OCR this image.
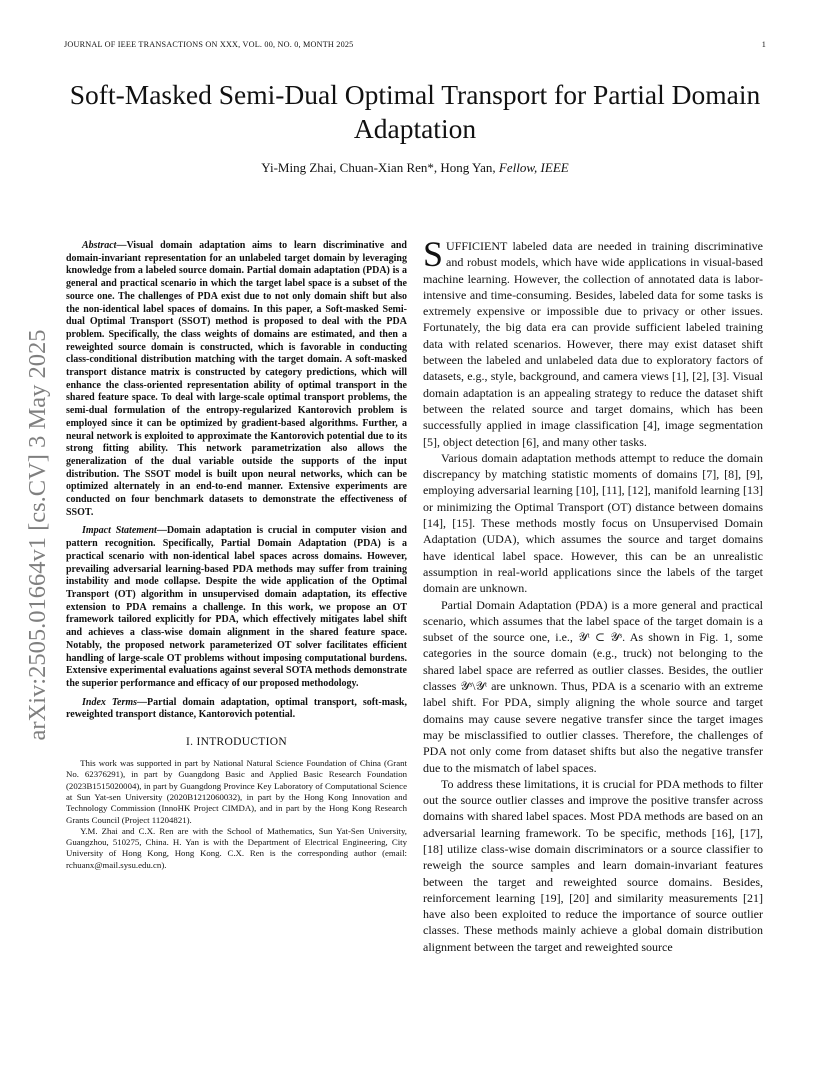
JOURNAL OF IEEE TRANSACTIONS ON XXX, VOL. 00, NO. 0, MONTH 2025	1
arXiv:2505.01664v1 [cs.CV] 3 May 2025
Soft-Masked Semi-Dual Optimal Transport for Partial Domain Adaptation
Yi-Ming Zhai, Chuan-Xian Ren*, Hong Yan, Fellow, IEEE

Abstract—Visual domain adaptation aims to learn discriminative and domain-invariant representation for an unlabeled target domain by leveraging knowledge from a labeled source domain. Partial domain adaptation (PDA) is a general and practical scenario in which the target label space is a subset of the source one. The challenges of PDA exist due to not only domain shift but also the non-identical label spaces of domains. In this paper, a Soft-masked Semi-dual Optimal Transport (SSOT) method is proposed to deal with the PDA problem. Specifically, the class weights of domains are estimated, and then a reweighted source domain is constructed, which is favorable in conducting class-conditional distribution matching with the target domain. A soft-masked transport distance matrix is constructed by category predictions, which will enhance the class-oriented representation ability of optimal transport in the shared feature space. To deal with large-scale optimal transport problems, the semi-dual formulation of the entropy-regularized Kantorovich problem is employed since it can be optimized by gradient-based algorithms. Further, a neural network is exploited to approximate the Kantorovich potential due to its strong fitting ability. This network parametrization also allows the generalization of the dual variable outside the supports of the input distribution. The SSOT model is built upon neural networks, which can be optimized alternately in an end-to-end manner. Extensive experiments are conducted on four benchmark datasets to demonstrate the effectiveness of SSOT.

Impact Statement—Domain adaptation is crucial in computer vision and pattern recognition. Specifically, Partial Domain Adaptation (PDA) is a practical scenario with non-identical label spaces across domains. However, prevailing adversarial learning-based PDA methods may suffer from training instability and mode collapse. Despite the wide application of the Optimal Transport (OT) algorithm in unsupervised domain adaptation, its effective extension to PDA remains a challenge. In this work, we propose an OT framework tailored explicitly for PDA, which effectively mitigates label shift and achieves a class-wise domain alignment in the shared feature space. Notably, the proposed network parameterized OT solver facilitates efficient handling of large-scale OT problems without imposing computational burdens. Extensive experimental evaluations against several SOTA methods demonstrate the superior performance and efficacy of our proposed methodology.

Index Terms—Partial domain adaptation, optimal transport, soft-mask, reweighted transport distance, Kantorovich potential.

I. INTRODUCTION

This work was supported in part by National Natural Science Foundation of China (Grant No. 62376291), in part by Guangdong Basic and Applied Basic Research Foundation (2023B1515020004), in part by Guangdong Province Key Laboratory of Computational Science at Sun Yat-sen University (2020B1212060032), in part by the Hong Kong Innovation and Technology Commission (InnoHK Project CIMDA), and in part by the Hong Kong Research Grants Council (Project 11204821).

Y.M. Zhai and C.X. Ren are with the School of Mathematics, Sun Yat-Sen University, Guangzhou, 510275, China. H. Yan is with the Department of Electrical Engineering, City University of Hong Kong, Hong Kong. C.X. Ren is the corresponding author (email: rchuanx@mail.sysu.edu.cn).

SUFFICIENT labeled data are needed in training discriminative and robust models, which have wide applications in visual-based machine learning. However, the collection of annotated data is labor-intensive and time-consuming. Besides, labeled data for some tasks is extremely expensive or impossible due to privacy or other issues. Fortunately, the big data era can provide sufficient labeled training data with related scenarios. However, there may exist dataset shift between the labeled and unlabeled data due to exploratory factors of datasets, e.g., style, background, and camera views [1], [2], [3]. Visual domain adaptation is an appealing strategy to reduce the dataset shift between the related source and target domains, which has been successfully applied in image classification [4], image segmentation [5], object detection [6], and many other tasks.

Various domain adaptation methods attempt to reduce the domain discrepancy by matching statistic moments of domains [7], [8], [9], employing adversarial learning [10], [11], [12], manifold learning [13] or minimizing the Optimal Transport (OT) distance between domains [14], [15]. These methods mostly focus on Unsupervised Domain Adaptation (UDA), which assumes the source and target domains have identical label space. However, this can be an unrealistic assumption in real-world applications since the labels of the target domain are unknown.

Partial Domain Adaptation (PDA) is a more general and practical scenario, which assumes that the label space of the target domain is a subset of the source one, i.e., 𝒴ᵗ ⊂ 𝒴ˢ. As shown in Fig. 1, some categories in the source domain (e.g., truck) not belonging to the shared label space are referred as outlier classes. Besides, the outlier classes 𝒴ˢ\𝒴ᵗ are unknown. Thus, PDA is a scenario with an extreme label shift. For PDA, simply aligning the whole source and target domains may cause severe negative transfer since the target images may be misclassified to outlier classes. Therefore, the challenges of PDA not only come from dataset shifts but also the negative transfer due to the mismatch of label spaces.

To address these limitations, it is crucial for PDA methods to filter out the source outlier classes and improve the positive transfer across domains with shared label spaces. Most PDA methods are based on an adversarial learning framework. To be specific, methods [16], [17], [18] utilize class-wise domain discriminators or a source classifier to reweigh the source samples and learn domain-invariant features between the target and reweighted source domains. Besides, reinforcement learning [19], [20] and similarity measurements [21] have also been exploited to reduce the importance of source outlier classes. These methods mainly achieve a global domain distribution alignment between the target and reweighted source
